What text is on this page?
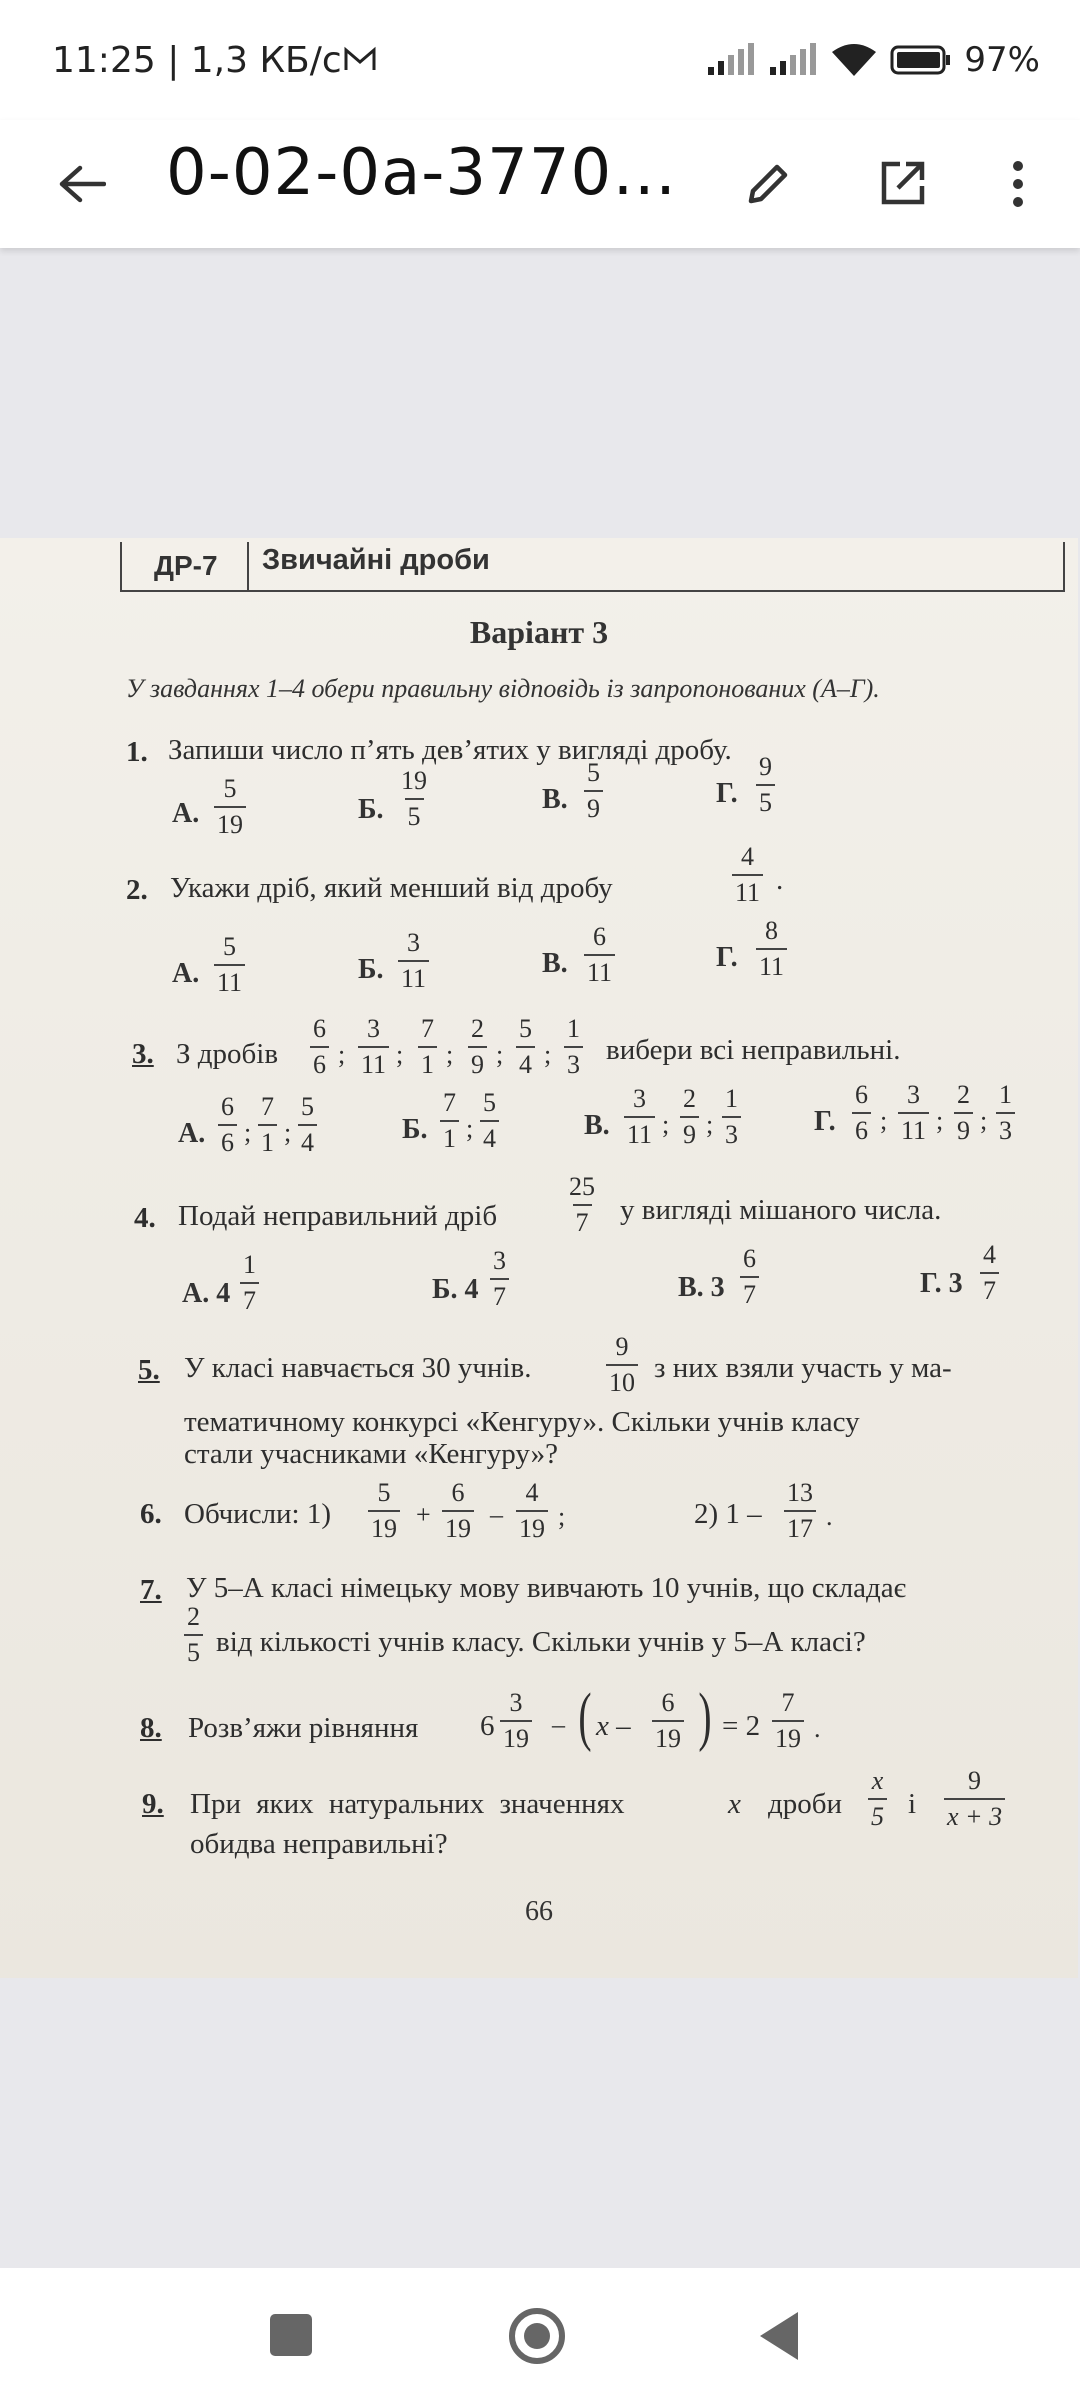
11:25 | 1,3 КБ/с	97%
0-02-0a-3770…
ДР-7 Звичайні дроби
Варіант 3
У завданнях 1–4 обери правильну відповідь із запропонованих (А–Г).
1. Запиши число п’ять дев’ятих у вигляді дробу.
А. $\frac{5}{19}$	Б. $\frac{19}{5}$	В. $\frac{5}{9}$	Г. $\frac{9}{5}$
2. Укажи дріб, який менший від дробу	$\frac{4}{11}$ .
А. $\frac{5}{11}$	Б. $\frac{3}{11}$	В. $\frac{6}{11}$	Г. $\frac{8}{11}$
3. З дробів $\frac{6}{6}$ ; $\frac{3}{11}$ ; $\frac{7}{1}$ ; $\frac{2}{9}$ ; $\frac{5}{4}$ ; $\frac{1}{3}$ вибери всі неправильні.
А. $\frac{6}{6}$ ; $\frac{7}{1}$ ; $\frac{5}{4}$	Б. $\frac{7}{1}$ ; $\frac{5}{4}$	В. $\frac{3}{11}$ ; $\frac{2}{9}$ ; $\frac{1}{3}$	Г. $\frac{6}{6}$ ; $\frac{3}{11}$ ; $\frac{2}{9}$ ; $\frac{1}{3}$
4. Подай неправильний дріб	$\frac{25}{7}$ у вигляді мішаного числа.
А. $4 \frac{1}{7}$	Б. $4 \frac{3}{7}$	В. $3 \frac{6}{7}$	Г. $3 \frac{4}{7}$
5. У класі навчається 30 учнів.	$\frac{9}{10}$ з них взяли участь у ма-
тематичному конкурсі «Кенгуру». Скільки учнів класу
стали учасниками «Кенгуру»?
6. Обчисли: $1) \frac{5}{19} + \frac{6}{19} - \frac{4}{19}$ ;	2) $1 - \frac{13}{17}$ .
7. У 5–А класі німецьку мову вивчають 10 учнів, що складає
$\frac{2}{5}$ від кількості учнів класу. Скільки учнів у 5–А класі?
8. Розв’яжи рівняння $6 \frac{3}{19}$ – ( x – $\frac{6}{19}$ ) = $2 \frac{7}{19}$ .
9. При яких натуральних значеннях	x дроби $\frac{x}{5}$ і $\frac{9}{x + 3}$
обидва неправильні?
66
